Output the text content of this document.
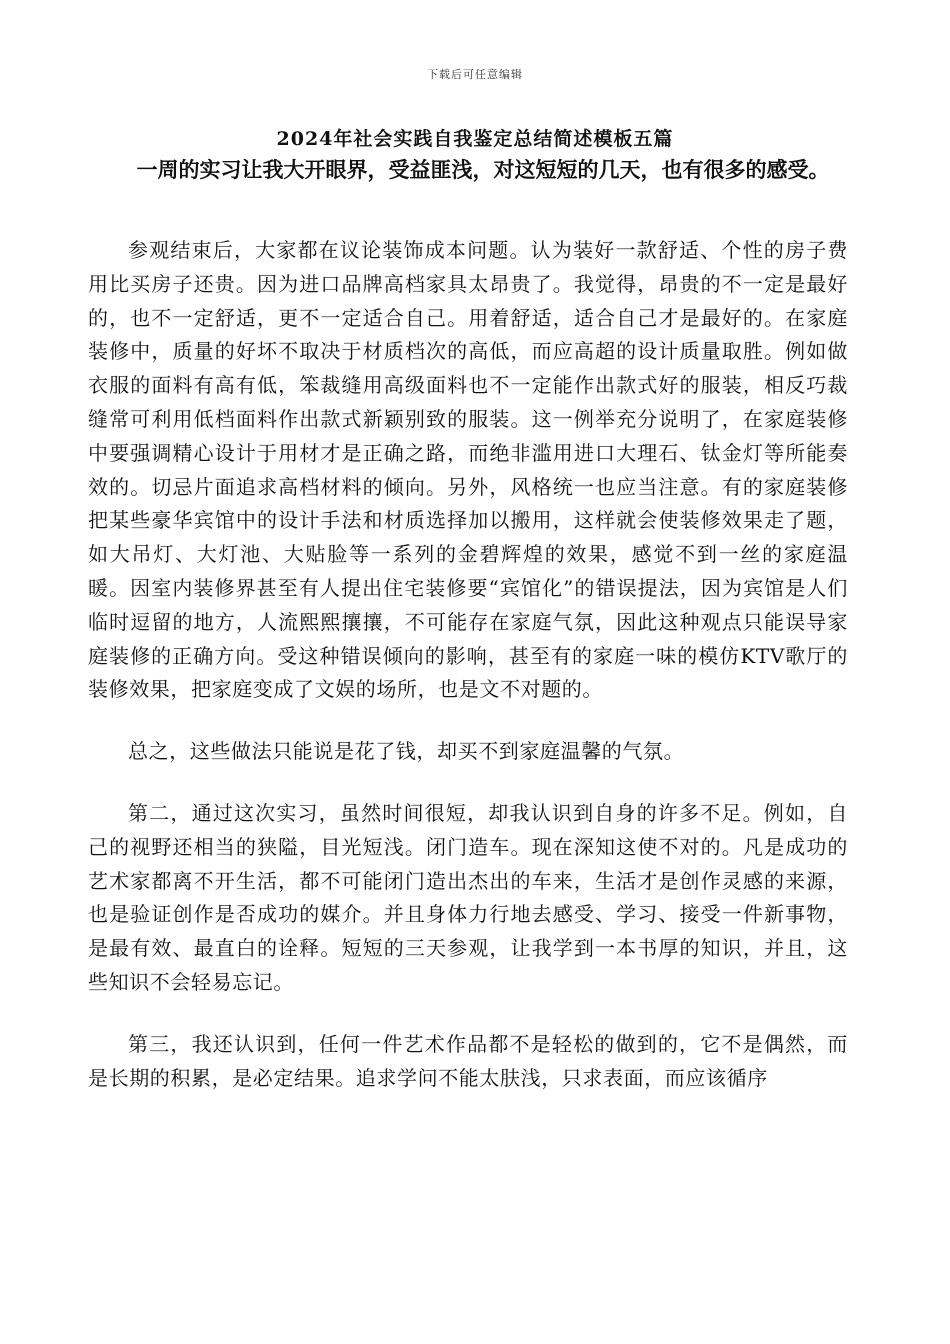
下载后可任意编辑
2024年社会实践自我鉴定总结简述模板五篇
一周的实习让我大开眼界，受益匪浅，对这短短的几天，也有很多的感受。

参观结束后，大家都在议论装饰成本问题。认为装好一款舒适、个性的房子费用比买房子还贵。因为进口品牌高档家具太昂贵了。我觉得，昂贵的不一定是最好的，也不一定舒适，更不一定适合自己。用着舒适，适合自己才是最好的。在家庭装修中，质量的好坏不取决于材质档次的高低，而应高超的设计质量取胜。例如做衣服的面料有高有低，笨裁缝用高级面料也不一定能作出款式好的服装，相反巧裁缝常可利用低档面料作出款式新颖别致的服装。这一例举充分说明了，在家庭装修中要强调精心设计于用材才是正确之路，而绝非滥用进口大理石、钛金灯等所能奏效的。切忌片面追求高档材料的倾向。另外，风格统一也应当注意。有的家庭装修把某些豪华宾馆中的设计手法和材质选择加以搬用，这样就会使装修效果走了题，如大吊灯、大灯池、大贴脸等一系列的金碧辉煌的效果，感觉不到一丝的家庭温暖。因室内装修界甚至有人提出住宅装修要“宾馆化”的错误提法，因为宾馆是人们临时逗留的地方，人流熙熙攘攘，不可能存在家庭气氛，因此这种观点只能误导家庭装修的正确方向。受这种错误倾向的影响，甚至有的家庭一味的模仿KTV歌厅的装修效果，把家庭变成了文娱的场所，也是文不对题的。

总之，这些做法只能说是花了钱，却买不到家庭温馨的气氛。

第二，通过这次实习，虽然时间很短，却我认识到自身的许多不足。例如，自己的视野还相当的狭隘，目光短浅。闭门造车。现在深知这使不对的。凡是成功的艺术家都离不开生活，都不可能闭门造出杰出的车来，生活才是创作灵感的来源，也是验证创作是否成功的媒介。并且身体力行地去感受、学习、接受一件新事物，是最有效、最直白的诠释。短短的三天参观，让我学到一本书厚的知识，并且，这些知识不会轻易忘记。

第三，我还认识到，任何一件艺术作品都不是轻松的做到的，它不是偶然，而是长期的积累，是必定结果。追求学问不能太肤浅，只求表面，而应该循序
